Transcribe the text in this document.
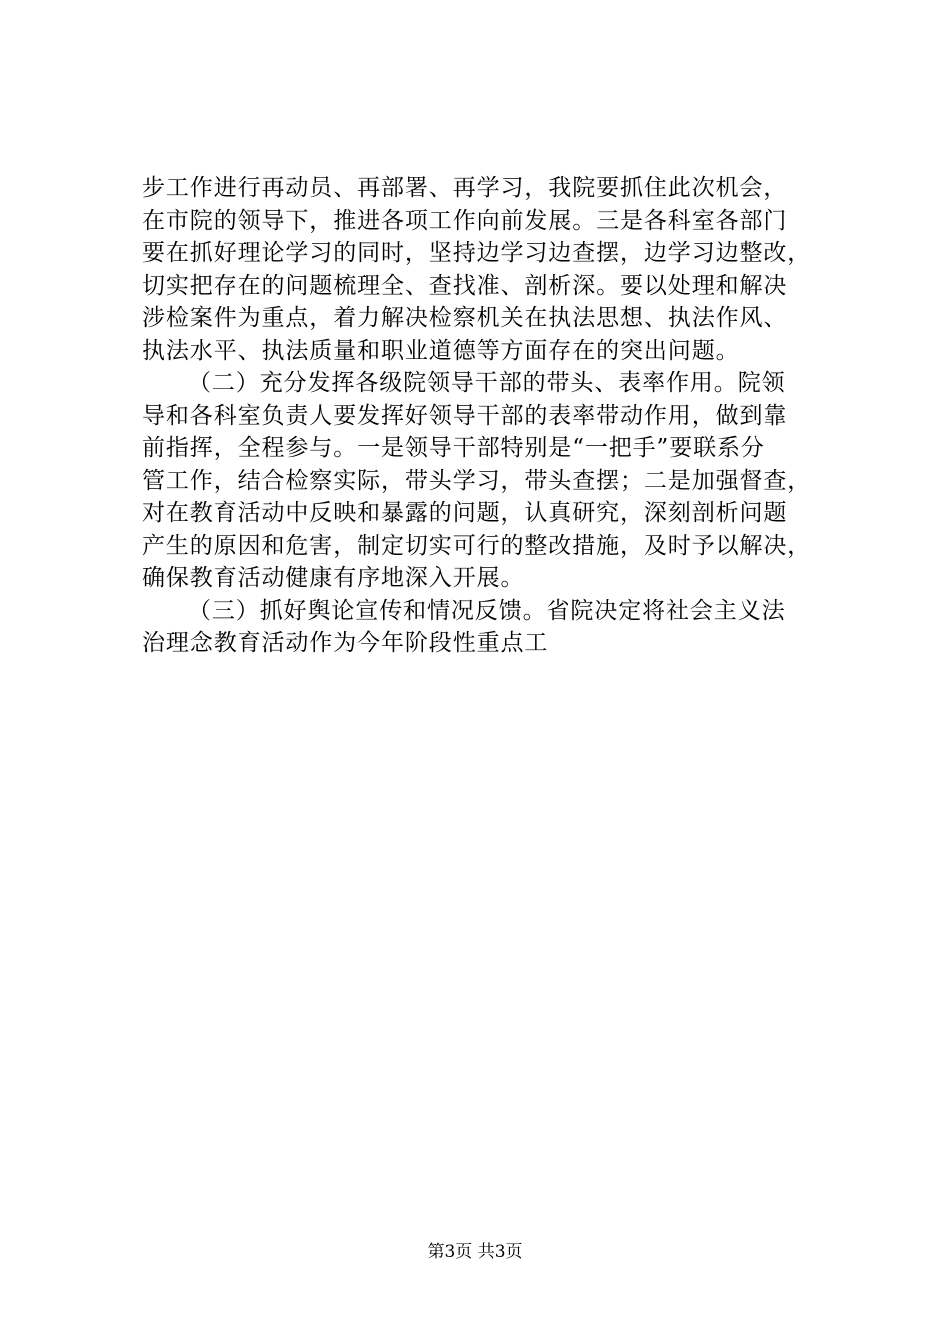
步工作进行再动员、再部署、再学习，我院要抓住此次机会，
在市院的领导下，推进各项工作向前发展。三是各科室各部门
要在抓好理论学习的同时，坚持边学习边查摆，边学习边整改，
切实把存在的问题梳理全、查找准、剖析深。要以处理和解决
涉检案件为重点，着力解决检察机关在执法思想、执法作风、
执法水平、执法质量和职业道德等方面存在的突出问题。
（二）充分发挥各级院领导干部的带头、表率作用。院领
导和各科室负责人要发挥好领导干部的表率带动作用，做到靠
前指挥，全程参与。一是领导干部特别是“一把手”要联系分
管工作，结合检察实际，带头学习，带头查摆；二是加强督查，
对在教育活动中反映和暴露的问题，认真研究，深刻剖析问题
产生的原因和危害，制定切实可行的整改措施，及时予以解决，
确保教育活动健康有序地深入开展。
（三）抓好舆论宣传和情况反馈。省院决定将社会主义法
治理念教育活动作为今年阶段性重点工
第3页 共3页
